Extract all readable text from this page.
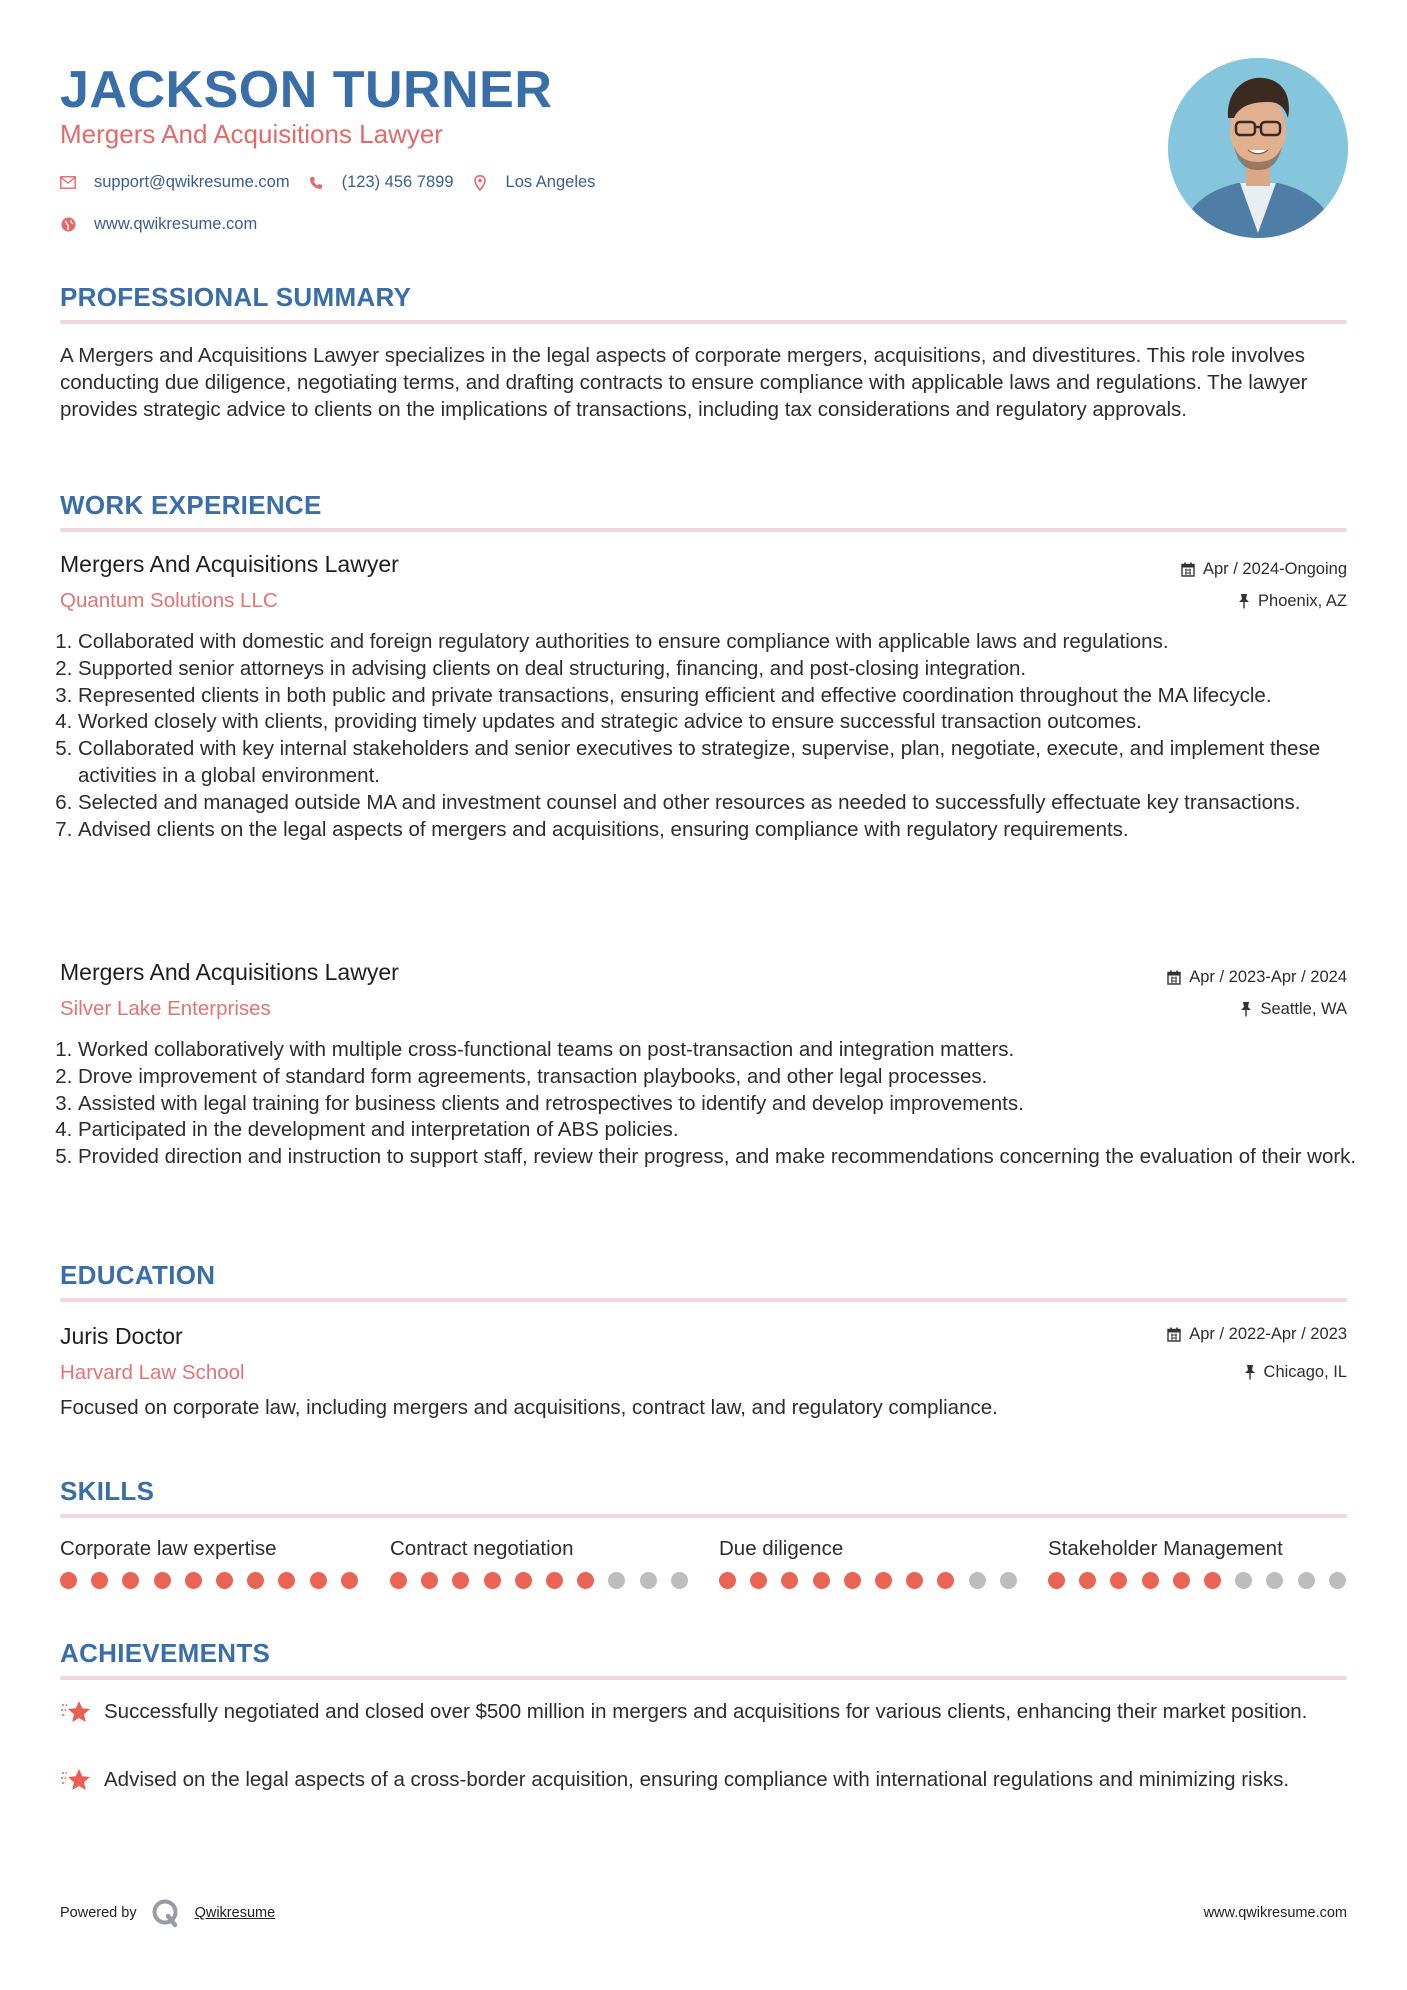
JACKSON TURNER
Mergers And Acquisitions Lawyer
support@qwikresume.com	(123) 456 7899	Los Angeles
www.qwikresume.com
PROFESSIONAL SUMMARY
A Mergers and Acquisitions Lawyer specializes in the legal aspects of corporate mergers, acquisitions, and divestitures. This role involves conducting due diligence, negotiating terms, and drafting contracts to ensure compliance with applicable laws and regulations. The lawyer provides strategic advice to clients on the implications of transactions, including tax considerations and regulatory approvals.
WORK EXPERIENCE
Mergers And Acquisitions Lawyer
Quantum Solutions LLC
Apr / 2024-Ongoing
Phoenix, AZ
1. Collaborated with domestic and foreign regulatory authorities to ensure compliance with applicable laws and regulations.
2. Supported senior attorneys in advising clients on deal structuring, financing, and post-closing integration.
3. Represented clients in both public and private transactions, ensuring efficient and effective coordination throughout the MA lifecycle.
4. Worked closely with clients, providing timely updates and strategic advice to ensure successful transaction outcomes.
5. Collaborated with key internal stakeholders and senior executives to strategize, supervise, plan, negotiate, execute, and implement these activities in a global environment.
6. Selected and managed outside MA and investment counsel and other resources as needed to successfully effectuate key transactions.
7. Advised clients on the legal aspects of mergers and acquisitions, ensuring compliance with regulatory requirements.
Mergers And Acquisitions Lawyer
Silver Lake Enterprises
Apr / 2023-Apr / 2024
Seattle, WA
1. Worked collaboratively with multiple cross-functional teams on post-transaction and integration matters.
2. Drove improvement of standard form agreements, transaction playbooks, and other legal processes.
3. Assisted with legal training for business clients and retrospectives to identify and develop improvements.
4. Participated in the development and interpretation of ABS policies.
5. Provided direction and instruction to support staff, review their progress, and make recommendations concerning the evaluation of their work.
EDUCATION
Juris Doctor
Harvard Law School
Apr / 2022-Apr / 2023
Chicago, IL
Focused on corporate law, including mergers and acquisitions, contract law, and regulatory compliance.
SKILLS
Corporate law expertise	Contract negotiation	Due diligence	Stakeholder Management
ACHIEVEMENTS
Successfully negotiated and closed over $500 million in mergers and acquisitions for various clients, enhancing their market position.
Advised on the legal aspects of a cross-border acquisition, ensuring compliance with international regulations and minimizing risks.
Powered by	Qwikresume	www.qwikresume.com
